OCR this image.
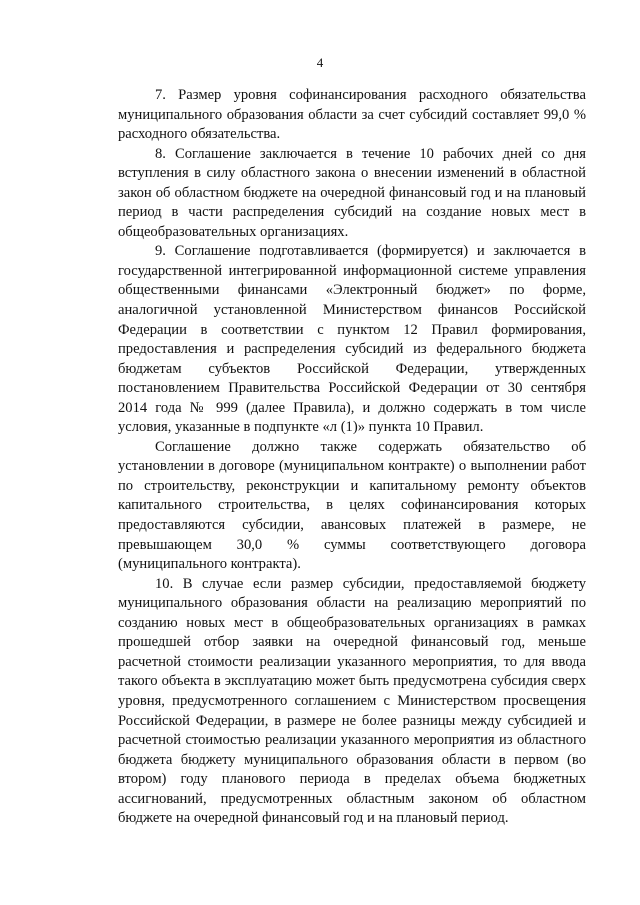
4

7. Размер уровня софинансирования расходного обязательства муниципального образования области за счет субсидий составляет 99,0 % расходного обязательства.

8. Соглашение заключается в течение 10 рабочих дней со дня вступления в силу областного закона о внесении изменений в областной закон об областном бюджете на очередной финансовый год и на плановый период в части распределения субсидий на создание новых мест в общеобразовательных организациях.

9. Соглашение подготавливается (формируется) и заключается в государственной интегрированной информационной системе управления общественными финансами «Электронный бюджет» по форме, аналогичной установленной Министерством финансов Российской Федерации в соответствии с пунктом 12 Правил формирования, предоставления и распределения субсидий из федерального бюджета бюджетам субъектов Российской Федерации, утвержденных постановлением Правительства Российской Федерации от 30 сентября 2014 года № 999 (далее Правила), и должно содержать в том числе условия, указанные в подпункте «л (1)» пункта 10 Правил.

Соглашение должно также содержать обязательство об установлении в договоре (муниципальном контракте) о выполнении работ по строительству, реконструкции и капитальному ремонту объектов капитального строительства, в целях софинансирования которых предоставляются субсидии, авансовых платежей в размере, не превышающем 30,0 % суммы соответствующего договора (муниципального контракта).

10. В случае если размер субсидии, предоставляемой бюджету муниципального образования области на реализацию мероприятий по созданию новых мест в общеобразовательных организациях в рамках прошедшей отбор заявки на очередной финансовый год, меньше расчетной стоимости реализации указанного мероприятия, то для ввода такого объекта в эксплуатацию может быть предусмотрена субсидия сверх уровня, предусмотренного соглашением с Министерством просвещения Российской Федерации, в размере не более разницы между субсидией и расчетной стоимостью реализации указанного мероприятия из областного бюджета бюджету муниципального образования области в первом (во втором) году планового периода в пределах объема бюджетных ассигнований, предусмотренных областным законом об областном бюджете на очередной финансовый год и на плановый период.
